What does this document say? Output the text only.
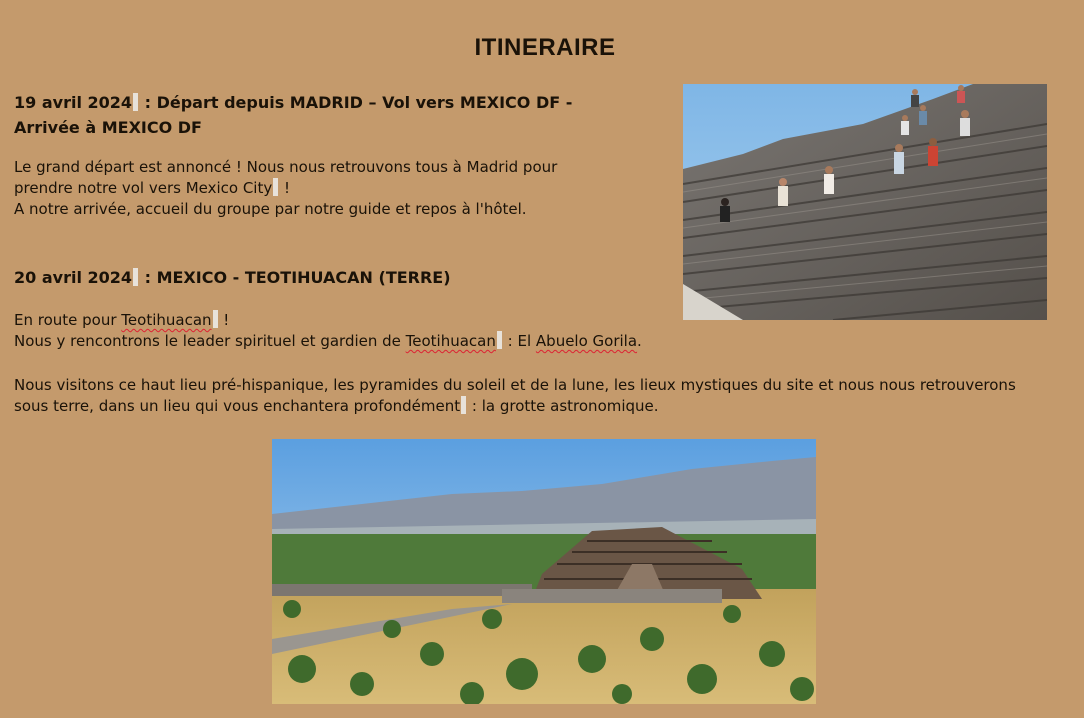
ITINERAIRE
19 avril 2024 : Départ depuis MADRID – Vol vers MEXICO DF -
Arrivée à MEXICO DF
Le grand départ est annoncé ! Nous nous retrouvons tous à Madrid pour
prendre notre vol vers Mexico City !
A notre arrivée, accueil du groupe par notre guide et repos à l'hôtel.
20 avril 2024 : MEXICO - TEOTIHUACAN (TERRE)
En route pour Teotihuacan !
Nous y rencontrons le leader spirituel et gardien de Teotihuacan : El Abuelo Gorila.
Nous visitons ce haut lieu pré-hispanique, les pyramides du soleil et de la lune, les lieux mystiques du site et nous nous retrouverons
sous terre, dans un lieu qui vous enchantera profondément : la grotte astronomique.
